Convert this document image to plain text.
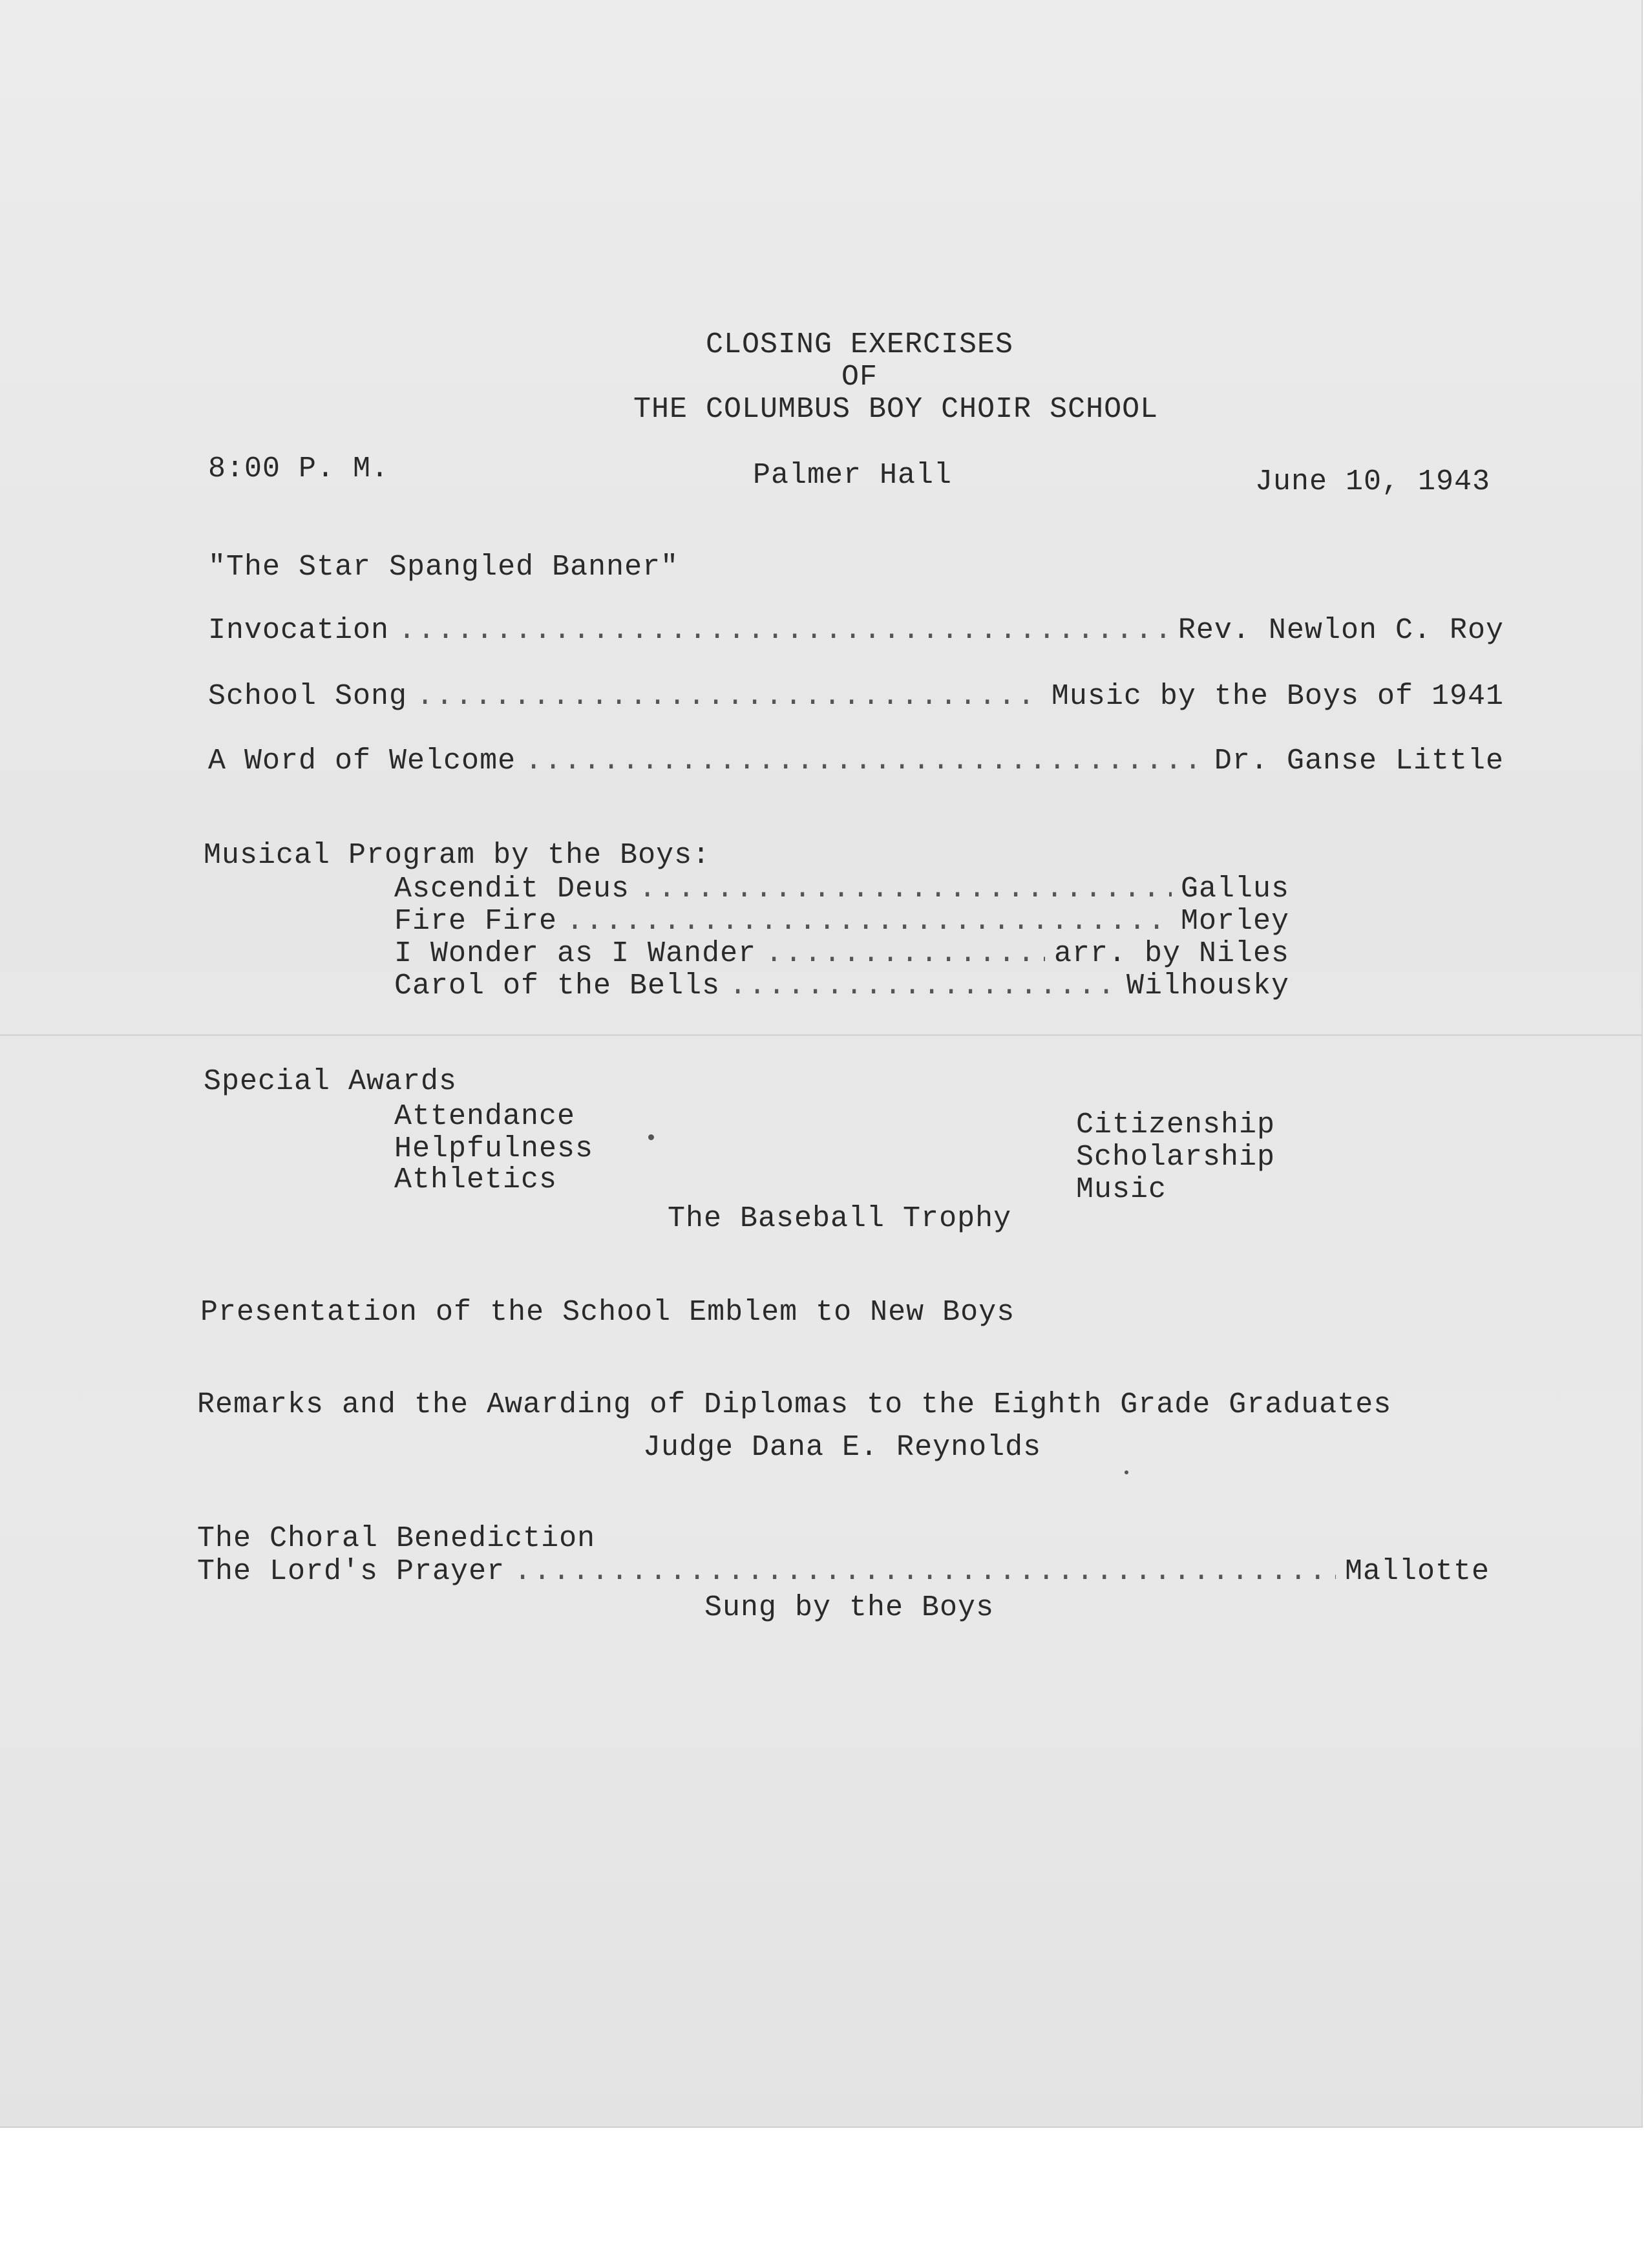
CLOSING EXERCISES
OF
THE COLUMBUS BOY CHOIR SCHOOL
8:00 P. M.	Palmer Hall	June 10, 1943
"The Star Spangled Banner"
Invocation .....	Rev. Newlon C. Roy
School Song .....	Music by the Boys of 1941
A Word of Welcome .....	Dr. Ganse Little
Musical Program by the Boys:
Ascendit Deus .....	Gallus
Fire Fire .....	Morley
I Wonder as I Wander .....	arr. by Niles
Carol of the Bells .....	Wilhousky
Special Awards
Attendance
Helpfulness
Athletics
Citizenship
Scholarship
Music
The Baseball Trophy
Presentation of the School Emblem to New Boys
Remarks and the Awarding of Diplomas to the Eighth Grade Graduates
Judge Dana E. Reynolds
The Choral Benediction
The Lord's Prayer .....	Mallotte
Sung by the Boys
